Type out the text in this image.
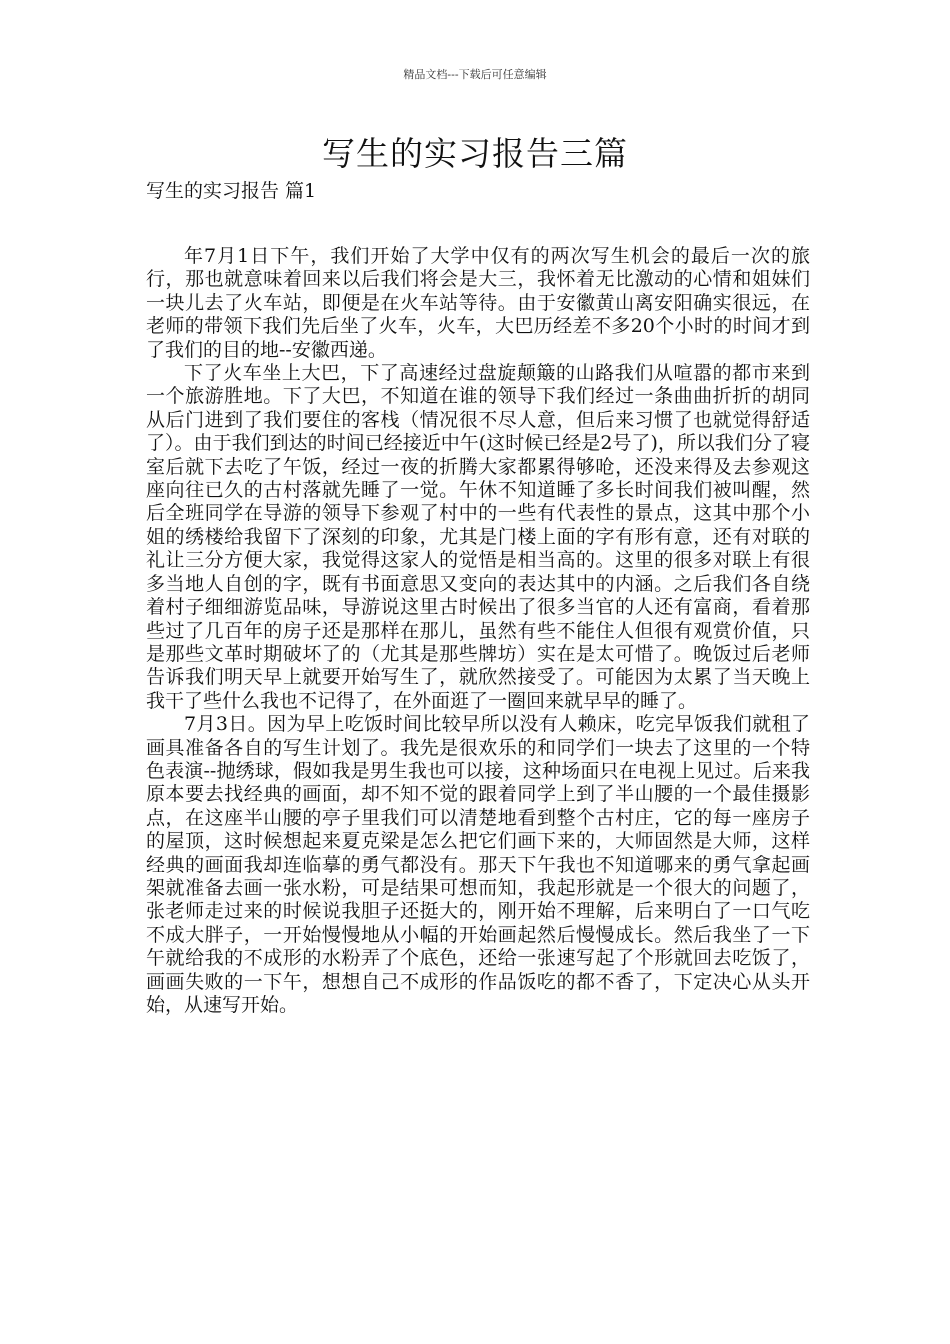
精品文档---下载后可任意编辑
写生的实习报告三篇
写生的实习报告 篇1

年7月1日下午，我们开始了大学中仅有的两次写生机会的最后一次的旅行，那也就意味着回来以后我们将会是大三，我怀着无比激动的心情和姐妹们一块儿去了火车站，即便是在火车站等待。由于安徽黄山离安阳确实很远，在老师的带领下我们先后坐了火车，火车，大巴历经差不多20个小时的时间才到了我们的目的地--安徽西递。

下了火车坐上大巴，下了高速经过盘旋颠簸的山路我们从喧嚣的都市来到一个旅游胜地。下了大巴，不知道在谁的领导下我们经过一条曲曲折折的胡同从后门进到了我们要住的客栈（情况很不尽人意，但后来习惯了也就觉得舒适了）。由于我们到达的时间已经接近中午(这时候已经是2号了)，所以我们分了寝室后就下去吃了午饭，经过一夜的折腾大家都累得够呛，还没来得及去参观这座向往已久的古村落就先睡了一觉。午休不知道睡了多长时间我们被叫醒，然后全班同学在导游的领导下参观了村中的一些有代表性的景点，这其中那个小姐的绣楼给我留下了深刻的印象，尤其是门楼上面的字有形有意，还有对联的礼让三分方便大家，我觉得这家人的觉悟是相当高的。这里的很多对联上有很多当地人自创的字，既有书面意思又变向的表达其中的内涵。之后我们各自绕着村子细细游览品味，导游说这里古时候出了很多当官的人还有富商，看着那些过了几百年的房子还是那样在那儿，虽然有些不能住人但很有观赏价值，只是那些文革时期破坏了的（尤其是那些牌坊）实在是太可惜了。晚饭过后老师告诉我们明天早上就要开始写生了，就欣然接受了。可能因为太累了当天晚上我干了些什么我也不记得了，在外面逛了一圈回来就早早的睡了。

7月3日。因为早上吃饭时间比较早所以没有人赖床，吃完早饭我们就租了画具准备各自的写生计划了。我先是很欢乐的和同学们一块去了这里的一个特色表演--抛绣球，假如我是男生我也可以接，这种场面只在电视上见过。后来我原本要去找经典的画面，却不知不觉的跟着同学上到了半山腰的一个最佳摄影点，在这座半山腰的亭子里我们可以清楚地看到整个古村庄，它的每一座房子的屋顶，这时候想起来夏克梁是怎么把它们画下来的，大师固然是大师，这样经典的画面我却连临摹的勇气都没有。那天下午我也不知道哪来的勇气拿起画架就准备去画一张水粉，可是结果可想而知，我起形就是一个很大的问题了，张老师走过来的时候说我胆子还挺大的，刚开始不理解，后来明白了一口气吃不成大胖子，一开始慢慢地从小幅的开始画起然后慢慢成长。然后我坐了一下午就给我的不成形的水粉弄了个底色，还给一张速写起了个形就回去吃饭了，画画失败的一下午，想想自己不成形的作品饭吃的都不香了，下定决心从头开始，从速写开始。
